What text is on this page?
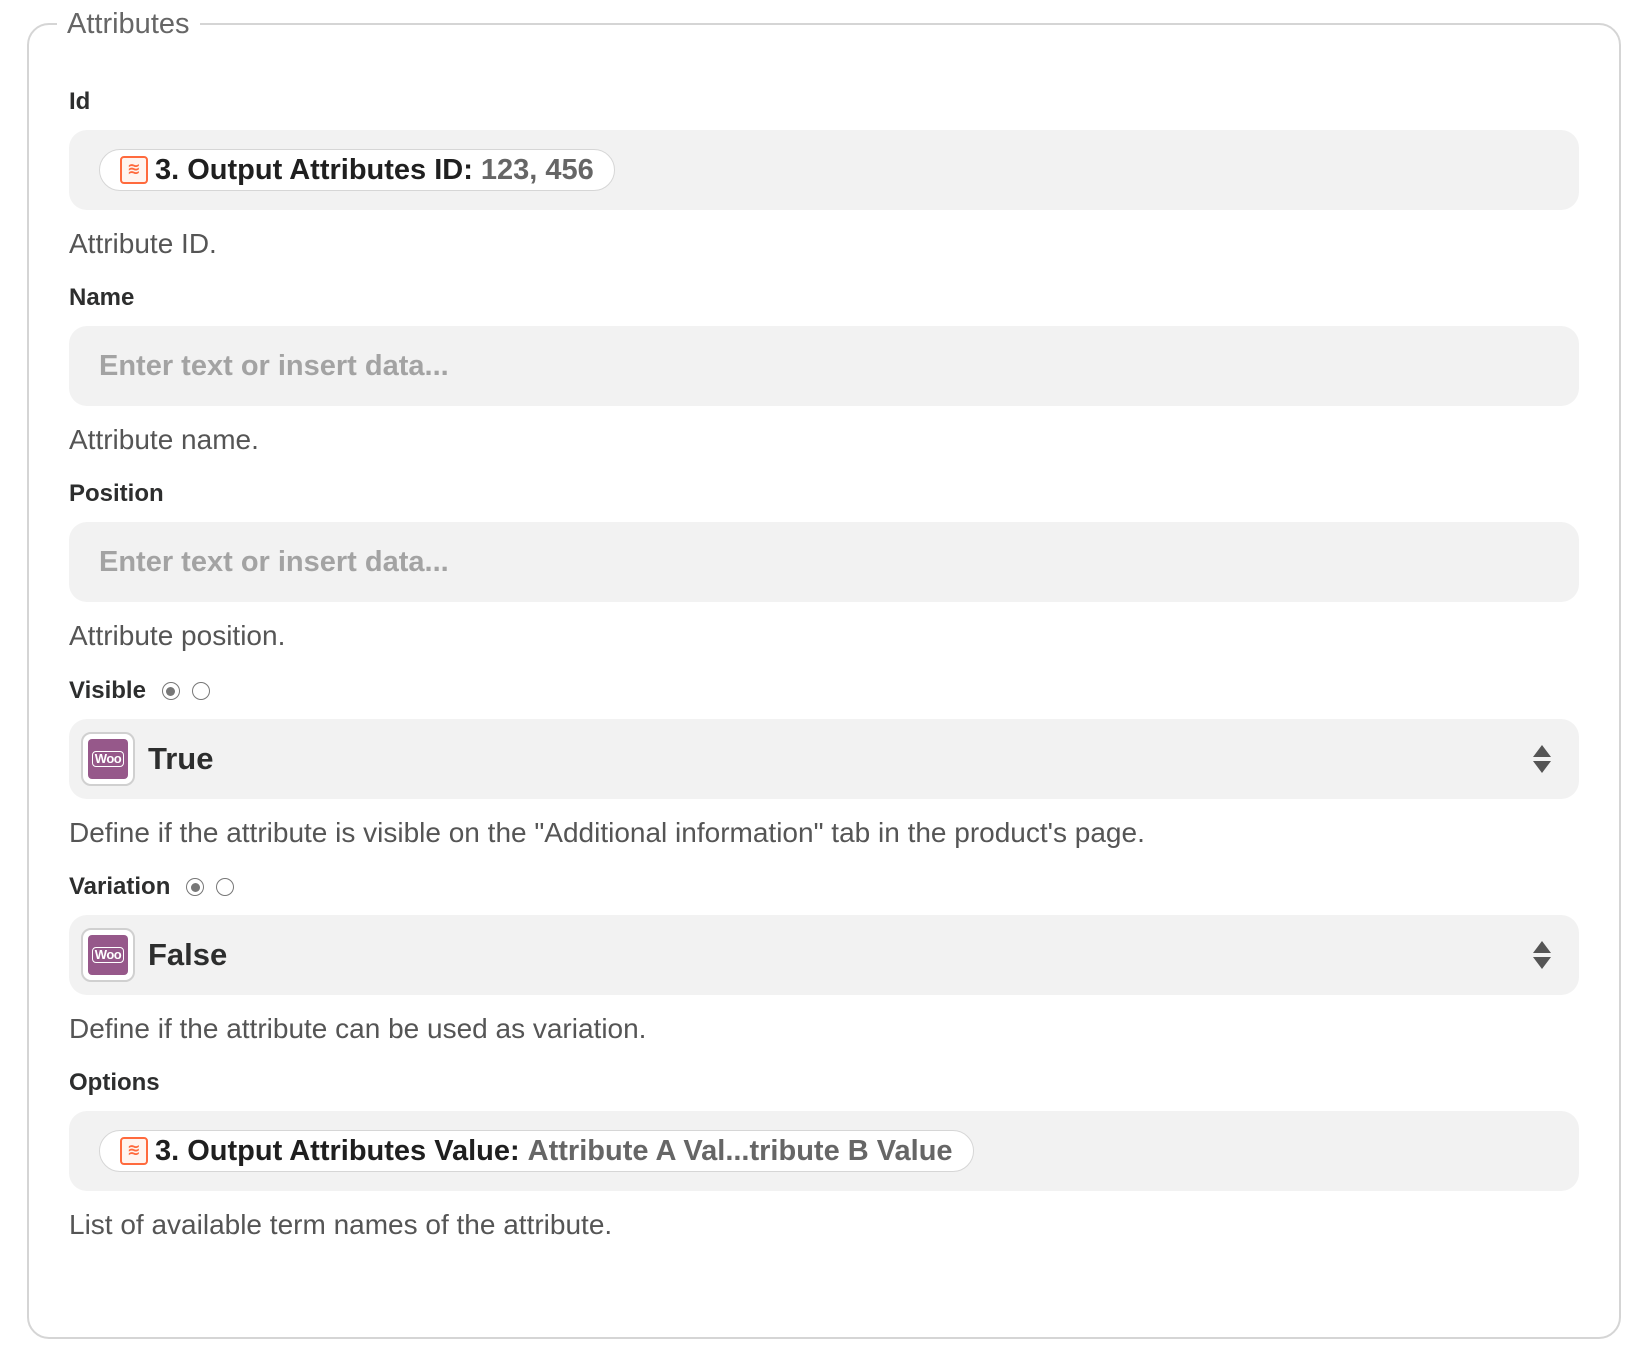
Attributes
Id
≋ 3. Output Attributes ID: 123, 456
Attribute ID.
Name
Enter text or insert data...
Attribute name.
Position
Enter text or insert data...
Attribute position.
Visible
Woo True
Define if the attribute is visible on the "Additional information" tab in the product's page.
Variation
Woo False
Define if the attribute can be used as variation.
Options
≋ 3. Output Attributes Value: Attribute A Val...tribute B Value
List of available term names of the attribute.
